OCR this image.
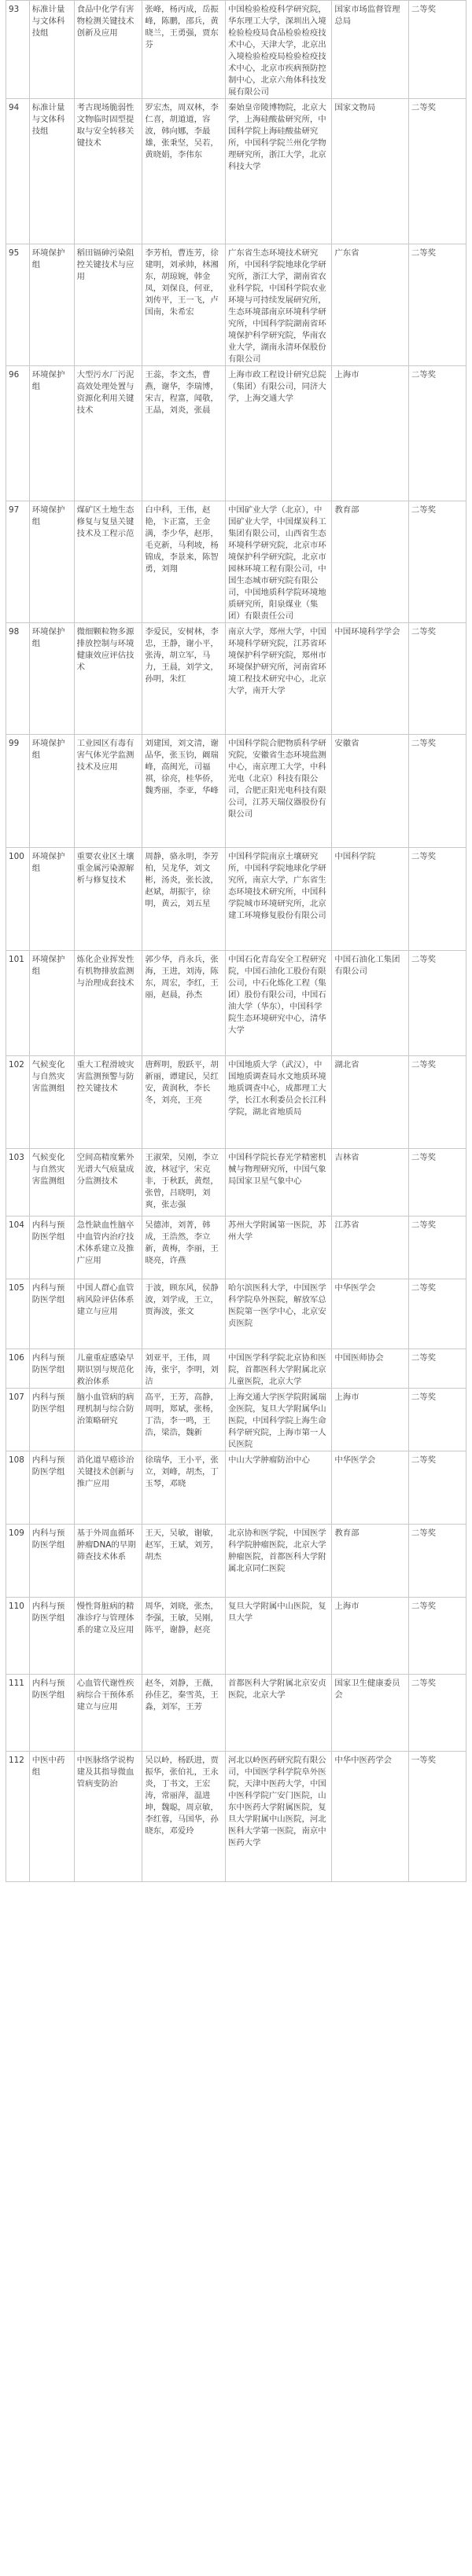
93	标准计量与文体科技组	食品中化学有害物检测关键技术创新及应用	张峰，杨丙成，岳振峰，陈鹏，邵兵，黄晓兰，王勇强，贾东芬	中国检验检疫科学研究院，华东理工大学，深圳出入境检验检疫局食品检验检疫技术中心，天津大学，北京出入境检验检疫局检验检疫技术中心，北京市疾病预防控制中心，北京六角体科技发展有限公司	国家市场监督管理总局	二等奖
94	标准计量与文体科技组	考古现场脆弱性文物临时固型提取与安全转移关键技术	罗宏杰，周双林，李仁喜，胡道道，容波，韩向娜，李最雄，张秉坚，吴若，黄晓娟，李伟东	秦始皇帝陵博物院，北京大学，上海硅酸盐研究所，中国科学院上海硅酸盐研究所，中国科学院兰州化学物理研究所，浙江大学，北京科技大学	国家文物局	二等奖
95	环境保护组	稻田镉砷污染阻控关键技术与应用	李芳柏，曹连芳，徐建明，刘承帅，林湘东，胡琼婉，韩金凤，刘保良，何亚，刘传平，王一飞，卢国南，朱希宏	广东省生态环境技术研究所，中国科学院地球化学研究所，浙江大学，湖南省农业科学院，中国科学院农业环境与可持续发展研究所，生态环境部南京环境科学研究所，中国科学院湖南省环境保护科学研究院，华南农业大学，湖南永清环保股份有限公司	广东省	二等奖
96	环境保护组	大型污水厂污泥高效处理处置与资源化利用关键技术	王蕊，李文杰，曹燕，谢华，李瑞博，宋吉，程富，闻敬，王晶，刘炎，张晨	上海市政工程设计研究总院（集团）有限公司，同济大学，上海交通大学	上海市	二等奖
97	环境保护组	煤矿区土地生态修复与复垦关键技术及工程示范	白中科，王伟，赵艳，卞正富，王金满，李少华，赵彤，毛克新，马利坡，杨锦成，李景来，陈智勇，刘翔	中国矿业大学（北京），中国矿业大学，中国煤炭科工集团有限公司，山西省生态环境科学研究院，北京市环境保护科学研究院，北京市园林环境工程有限公司，中国生态城市研究院有限公司，中国地质科学院环境地质研究所，阳泉煤业（集团）有限责任公司	教育部	二等奖
98	环境保护组	微细颗粒物多源排放控制与环境健康效应评估技术	李爱民，安树林，李忠，王静，谢小平，张涛，胡立军，马力，王晨，刘学文，孙明，朱红	南京大学，郑州大学，中国环境科学研究院，江苏省环境保护科学研究院，郑州市环境保护研究所，河南省环境工程技术研究中心，北京大学，南开大学	中国环境科学学会	二等奖
99	环境保护组	工业园区有毒有害气体光学监测技术及应用	刘建国，刘文清，谢品华，张玉钧，阚瑞峰，高闽光，司福祺，徐亮，桂华侨，魏秀丽，李亚，华峰	中国科学院合肥物质科学研究院，安徽省生态环境监测中心，南京理工大学，中科光电（北京）科技有限公司，合肥正阳光电科技有限公司，江苏天瑞仪器股份有限公司	安徽省	二等奖
100	环境保护组	重要农业区土壤重金属污染源解析与修复技术	周静，骆永明，李芳柏，吴龙华，刘文彬，汤炎，张长波，赵斌，胡振宇，徐明，黄云，刘五星	中国科学院南京土壤研究所，中国科学院地球化学研究所，南京大学，广东省生态环境技术研究所，中国科学院城市环境研究所，北京建工环境修复股份有限公司	中国科学院	二等奖
101	环境保护组	炼化企业挥发性有机物排放监测与治理成套技术	郭少华，肖永兵，张海，王进，刘涛，陈东，周宏，李红，王丽，赵晨，孙杰	中国石化青岛安全工程研究院，中国石油化工股份有限公司，中石化炼化工程（集团）股份有限公司，中国石油大学（华东），中国科学院生态环境研究中心，清华大学	中国石油化工集团有限公司	二等奖
102	气候变化与自然灾害监测组	重大工程滑坡灾害监测预警与防控关键技术	唐辉明，殷跃平，胡新丽，谭建民，吴红安，黄润秋，李长冬，刘亮，王亮	中国地质大学（武汉），中国地质调查局水文地质环境地质调查中心，成都理工大学，长江水利委员会长江科学院，湖北省地质局	湖北省	二等奖
103	气候变化与自然灾害监测组	空间高精度紫外光谱大气痕量成分监测技术	王淑荣，吴刚，李立波，林冠宇，宋克非，于秋跃，黄煜，张曾，吕晓明，刘爽，张志强	中国科学院长春光学精密机械与物理研究所，中国气象局国家卫星气象中心	吉林省	二等奖
104	内科与预防医学组	急性缺血性脑卒中血管内治疗技术体系建立及推广应用	吴德沛，刘菁，韩成，王浩然，李立新，黄梅，李丽，王晓亮，许燕	苏州大学附属第一医院，苏州大学	江苏省	二等奖
105	内科与预防医学组	中国人群心血管病风险评估体系建立与应用	于波，顾东风，侯静波，刘学成，王立，贾海波，张文	哈尔滨医科大学，中国医学科学院阜外医院，解放军总医院第一医学中心，北京安贞医院	中华医学会	二等奖
106	内科与预防医学组	儿童重症感染早期识别与规范化救治体系	刘亚平，王伟，周涛，张宇，李明，刘洁	中国医学科学院北京协和医院，首都医科大学附属北京儿童医院，北京大学	中国医师协会	二等奖
107	内科与预防医学组	脑小血管病的病理机制与综合防治策略研究	高平，王芳，高静，周明，郑斌，张杨，丁浩，李一鸣，王浩，梁浩，魏新	上海交通大学医学院附属瑞金医院，复旦大学附属华山医院，中国科学院上海生命科学研究院，上海市第一人民医院	上海市	二等奖
108	内科与预防医学组	消化道早癌诊治关键技术创新与推广应用	徐瑞华，王小平，张立，刘峰，胡杰，丁玉琴，邓晓	中山大学肿瘤防治中心	中华医学会	二等奖
109	内科与预防医学组	基于外周血循环肿瘤DNA的早期筛查技术体系	王天，吴敏，谢敏，赵军，王斌，刘芳，胡杰	北京协和医学院，中国医学科学院肿瘤医院，北京大学肿瘤医院，首都医科大学附属北京同仁医院	教育部	二等奖
110	内科与预防医学组	慢性肾脏病的精准诊疗与管理体系的建立及应用	周华，刘晓，张杰，李强，王敏，吴刚，陈平，谢静，赵亮	复旦大学附属中山医院，复旦大学	上海市	二等奖
111	内科与预防医学组	心血管代谢性疾病综合干预体系建立与应用	赵冬，刘静，王薇，孙佳艺，秦雪英，王淼，刘军，王芳	首都医科大学附属北京安贞医院，北京大学	国家卫生健康委员会	二等奖
112	中医中药组	中医脉络学说构建及其指导微血管病变防治	吴以岭，杨跃进，贾振华，张伯礼，王永炎，丁书文，王宏涛，常丽萍，温进坤，魏聪，周京敏，李红蓉，马国华，孙晓东，邓爱玲	河北以岭医药研究院有限公司，中国医学科学院阜外医院，天津中医药大学，中国中医科学院广安门医院，山东中医药大学附属医院，复旦大学附属中山医院，河北医科大学第一医院，南京中医药大学	中华中医药学会	一等奖
